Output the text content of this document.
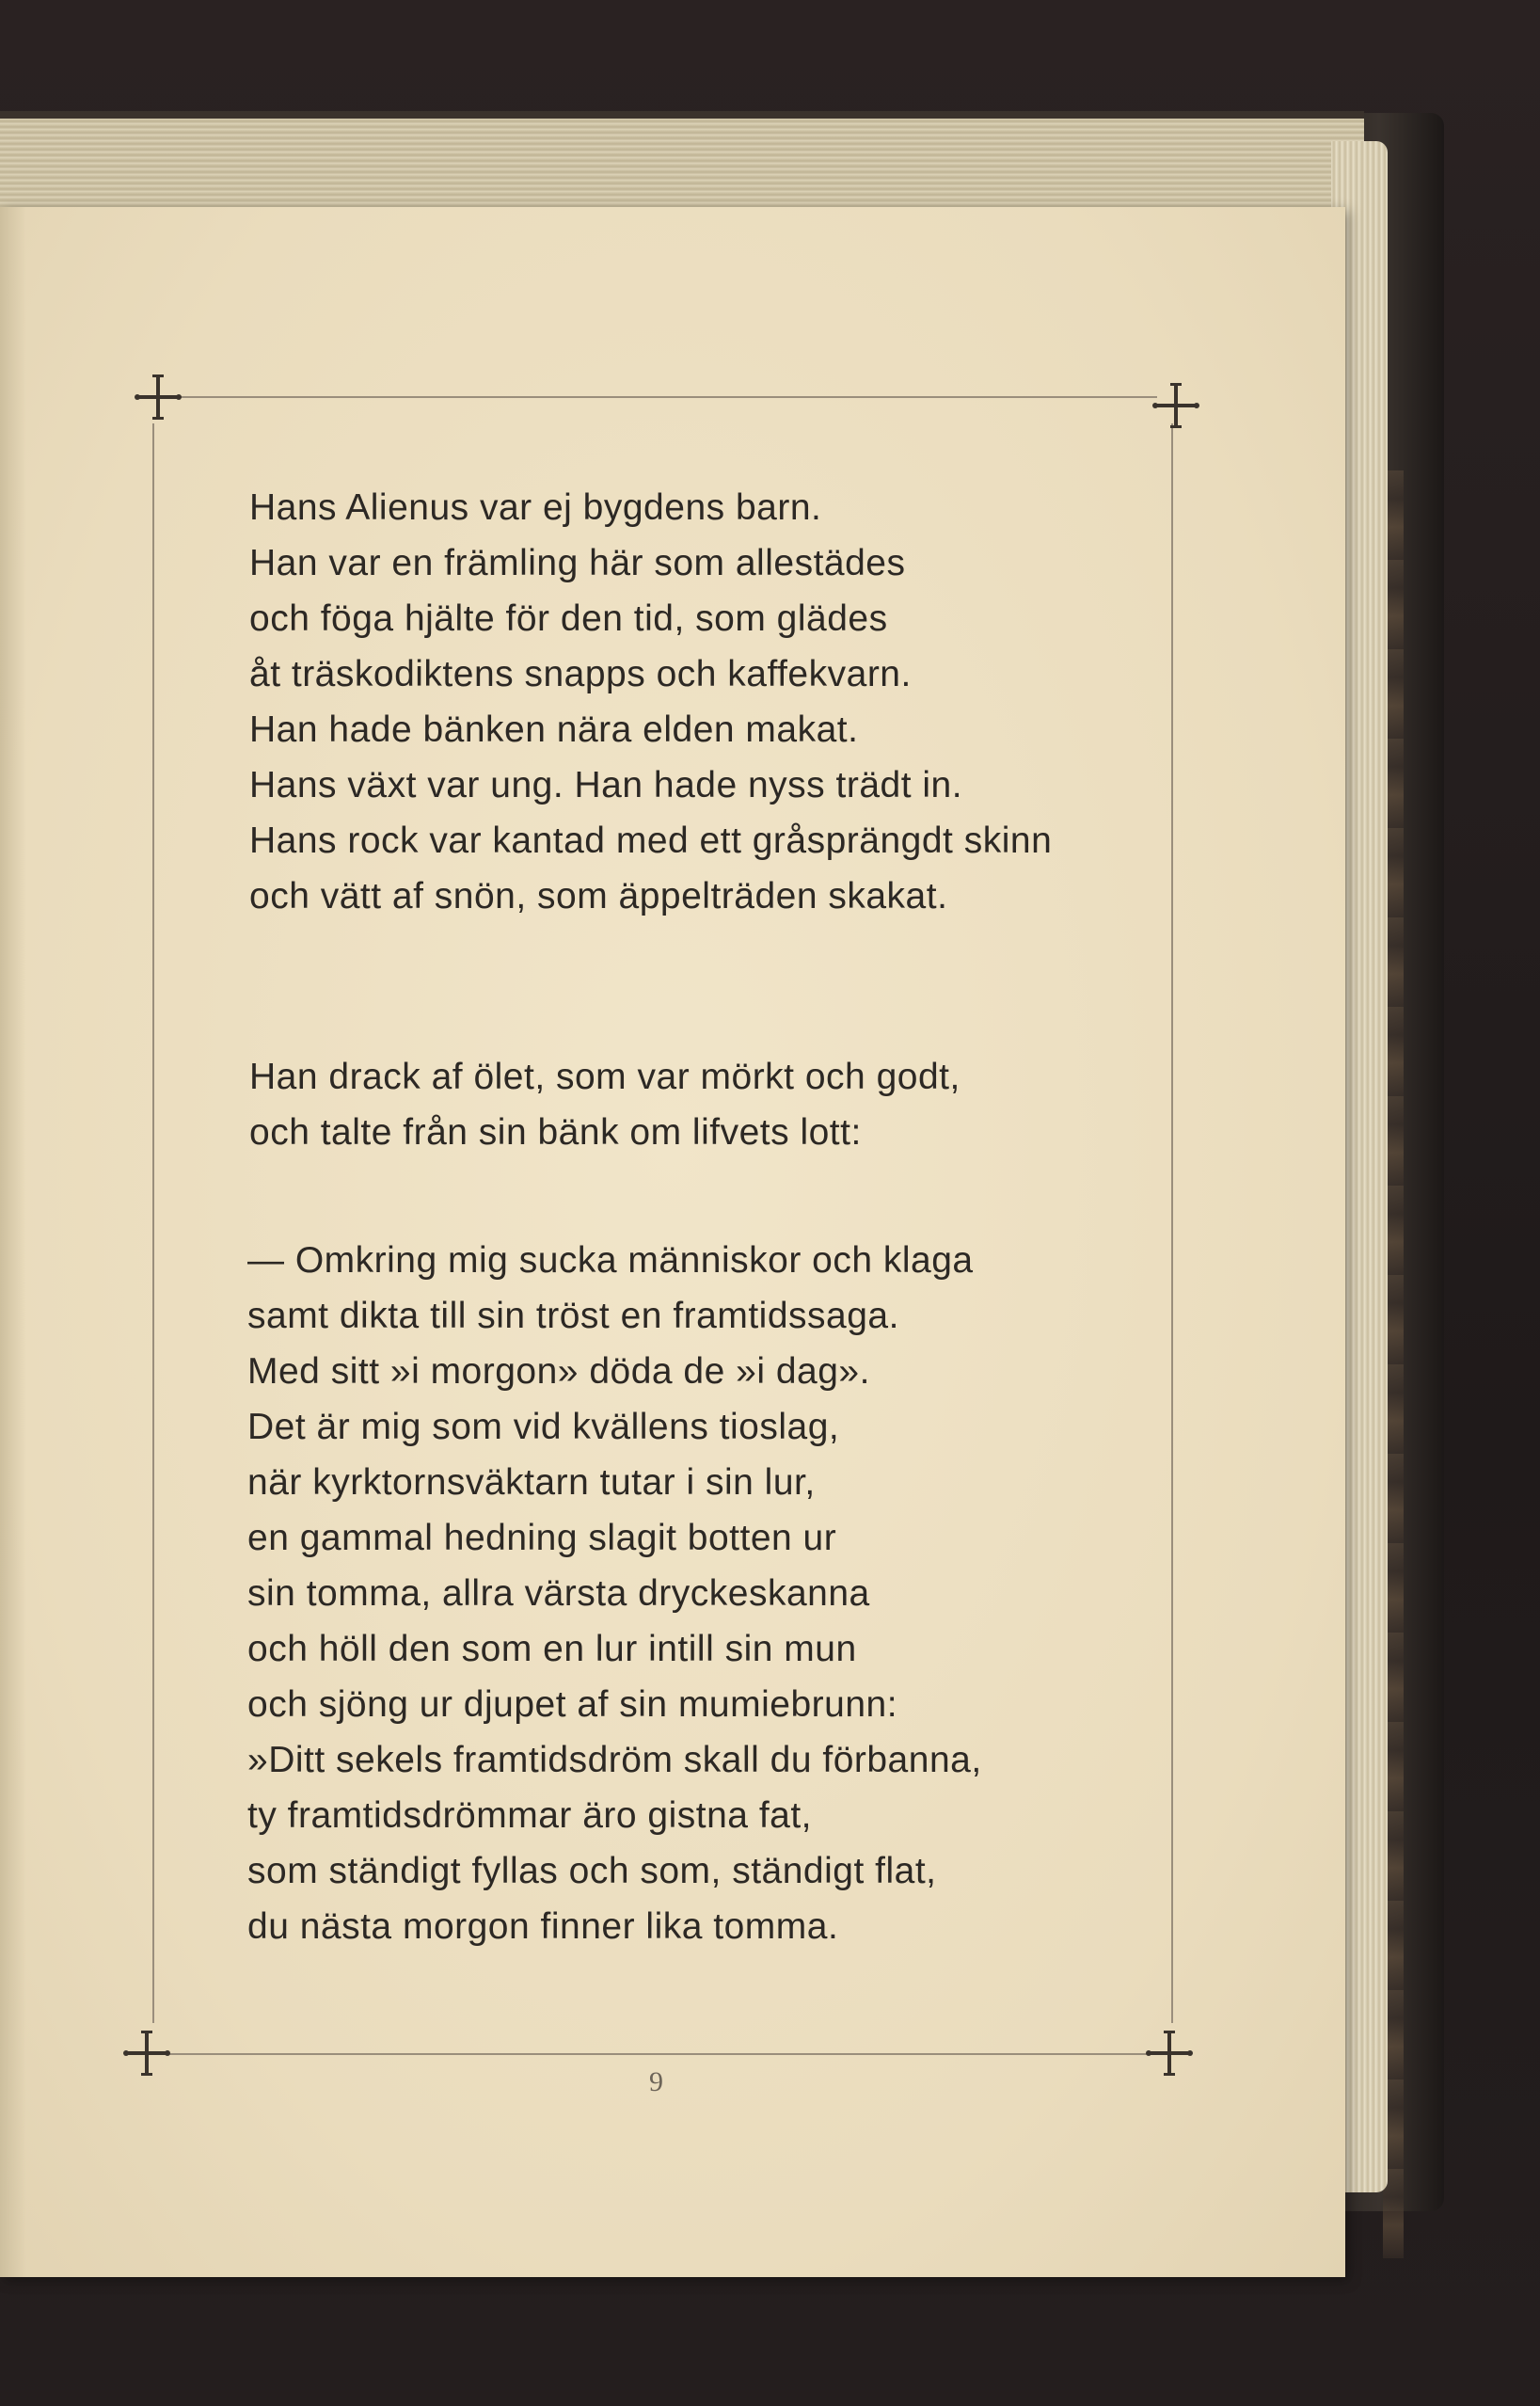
Hans Alienus var ej bygdens barn.
Han var en främling här som allestädes
och föga hjälte för den tid, som glädes
åt träskodiktens snapps och kaffekvarn.
Han hade bänken nära elden makat.
Hans växt var ung. Han hade nyss trädt in.
Hans rock var kantad med ett gråsprängdt skinn
och vätt af snön, som äppelträden skakat.
Han drack af ölet, som var mörkt och godt,
och talte från sin bänk om lifvets lott:
— Omkring mig sucka människor och klaga
samt dikta till sin tröst en framtidssaga.
Med sitt »i morgon» döda de »i dag».
Det är mig som vid kvällens tioslag,
när kyrktornsväktarn tutar i sin lur,
en gammal hedning slagit botten ur
sin tomma, allra värsta dryckeskanna
och höll den som en lur intill sin mun
och sjöng ur djupet af sin mumiebrunn:
»Ditt sekels framtidsdröm skall du förbanna,
ty framtidsdrömmar äro gistna fat,
som ständigt fyllas och som, ständigt flat,
du nästa morgon finner lika tomma.
9
